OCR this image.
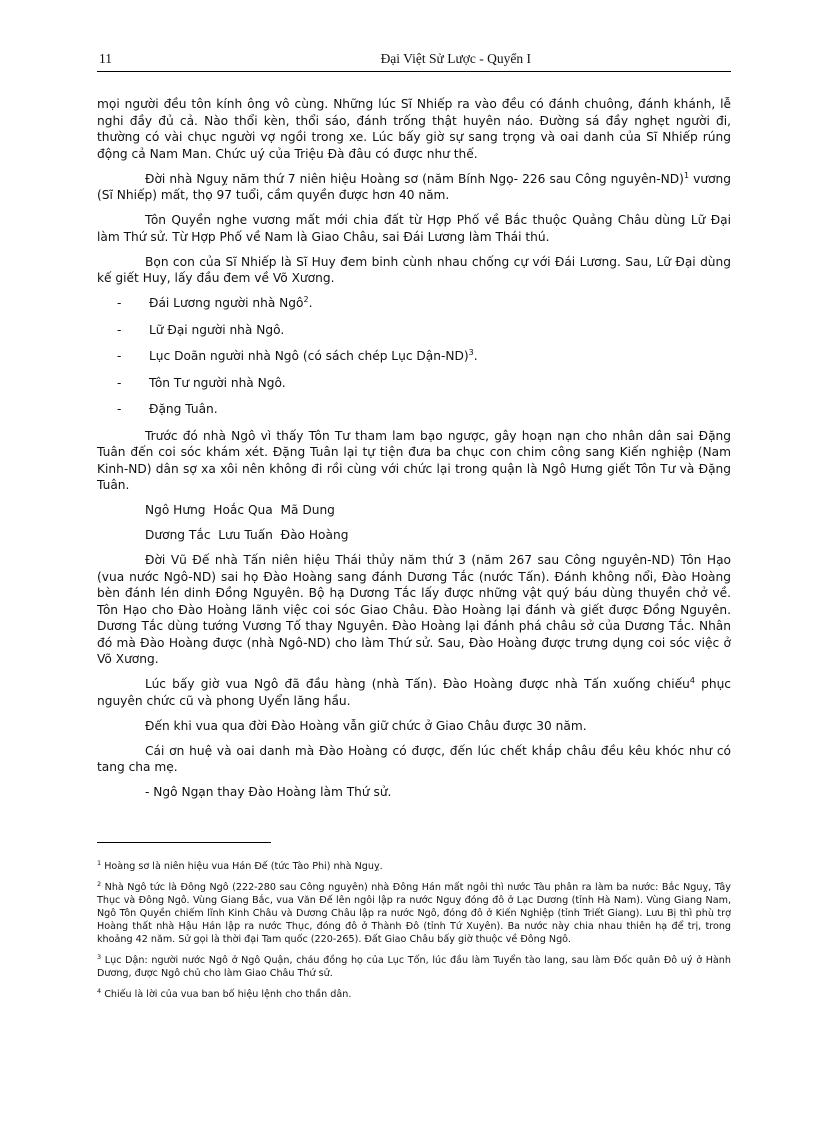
11	Đại Việt Sử Lược - Quyển I

mọi người đều tôn kính ông vô cùng. Những lúc Sĩ Nhiếp ra vào đều có đánh chuông, đánh khánh, lễ nghi đầy đủ cả. Nào thổi kèn, thổi sáo, đánh trống thật huyên náo. Đường sá đầy nghẹt người đi, thường có vài chục người vợ ngồi trong xe. Lúc bấy giờ sự sang trọng và oai danh của Sĩ Nhiếp rúng động cả Nam Man. Chức uý của Triệu Đà đâu có được như thế.

Đời nhà Nguỵ năm thứ 7 niên hiệu Hoàng sơ (năm Bính Ngọ- 226 sau Công nguyên-ND)$^1$ vương (Sĩ Nhiếp) mất, thọ 97 tuổi, cầm quyền được hơn 40 năm.

Tôn Quyền nghe vương mất mới chia đất từ Hợp Phố về Bắc thuộc Quảng Châu dùng Lữ Đại làm Thứ sử. Từ Hợp Phố về Nam là Giao Châu, sai Đái Lương làm Thái thú.

Bọn con của Sĩ Nhiếp là Sĩ Huy đem binh cùnh nhau chống cự với Đái Lương. Sau, Lữ Đại dùng kế giết Huy, lấy đầu đem về Võ Xương.

- Đái Lương người nhà Ngô$^2$.

- Lữ Đại người nhà Ngô.

- Lục Doãn người nhà Ngô (có sách chép Lục Dận-ND)$^3$.

- Tôn Tư người nhà Ngô.

- Đặng Tuân.

Trước đó nhà Ngô vì thấy Tôn Tư tham lam bạo ngược, gây hoạn nạn cho nhân dân sai Đặng Tuân đến coi sóc khám xét. Đặng Tuân lại tự tiện đưa ba chục con chim công sang Kiến nghiệp (Nam Kinh-ND) dân sợ xa xôi nên không đi rồi cùng với chức lại trong quận là Ngô Hưng giết Tôn Tư và Đặng Tuân.

Ngô Hưng  Hoắc Qua  Mã Dung

Dương Tắc  Lưu Tuấn  Đào Hoàng

Đời Vũ Đế nhà Tấn niên hiệu Thái thủy năm thứ 3 (năm 267 sau Công nguyên-ND) Tôn Hạo (vua nước Ngô-ND) sai họ Đào Hoàng sang đánh Dương Tắc (nước Tấn). Đánh không nổi, Đào Hoàng bèn đánh lén dinh Đồng Nguyên. Bộ hạ Dương Tắc lấy được những vật quý báu dùng thuyền chở về. Tôn Hạo cho Đào Hoàng lãnh việc coi sóc Giao Châu. Đào Hoàng lại đánh và giết được Đồng Nguyên. Dương Tắc dùng tướng Vương Tố thay Nguyên. Đào Hoàng lại đánh phá châu sở của Dương Tắc. Nhân đó mà Đào Hoàng được (nhà Ngô-ND) cho làm Thứ sử. Sau, Đào Hoàng được trưng dụng coi sóc việc ở Võ Xương.

Lúc bấy giờ vua Ngô đã đầu hàng (nhà Tấn). Đào Hoàng được nhà Tấn xuống chiếu$^4$ phục nguyên chức cũ và phong Uyển lăng hầu.

Đến khi vua qua đời Đào Hoàng vẫn giữ chức ở Giao Châu được 30 năm.

Cái ơn huệ và oai danh mà Đào Hoàng có được, đến lúc chết khắp châu đều kêu khóc như có tang cha mẹ.

- Ngô Ngạn thay Đào Hoàng làm Thứ sử.

$^1$ Hoàng sơ là niên hiệu vua Hán Đế (tức Tào Phi) nhà Nguỵ.

$^2$ Nhà Ngô tức là Đông Ngô (222-280 sau Công nguyên) nhà Đông Hán mất ngôi thì nước Tàu phân ra làm ba nước: Bắc Nguỵ, Tây Thục và Đông Ngô. Vùng Giang Bắc, vua Văn Đế lên ngôi lập ra nước Nguỵ đóng đô ở Lạc Dương (tỉnh Hà Nam). Vùng Giang Nam, Ngô Tôn Quyền chiếm lĩnh Kinh Châu và Dương Châu lập ra nước Ngô, đóng đô ở Kiến Nghiệp (tỉnh Triết Giang). Lưu Bị thì phù trợ Hoàng thất nhà Hậu Hán lập ra nước Thục, đóng đô ở Thành Đô (tỉnh Tứ Xuyên). Ba nước này chia nhau thiên hạ để trị, trong khoảng 42 năm. Sử gọi là thời đại Tam quốc (220-265). Đất Giao Châu bấy giờ thuộc về Đông Ngô.

$^3$ Lục Dận: người nước Ngô ở Ngô Quận, cháu đồng họ của Lục Tốn, lúc đầu làm Tuyển tào lang, sau làm Đốc quân Đô uý ở Hành Dương, được Ngô chủ cho làm Giao Châu Thứ sử.

$^4$ Chiếu là lời của vua ban bố hiệu lệnh cho thần dân.
